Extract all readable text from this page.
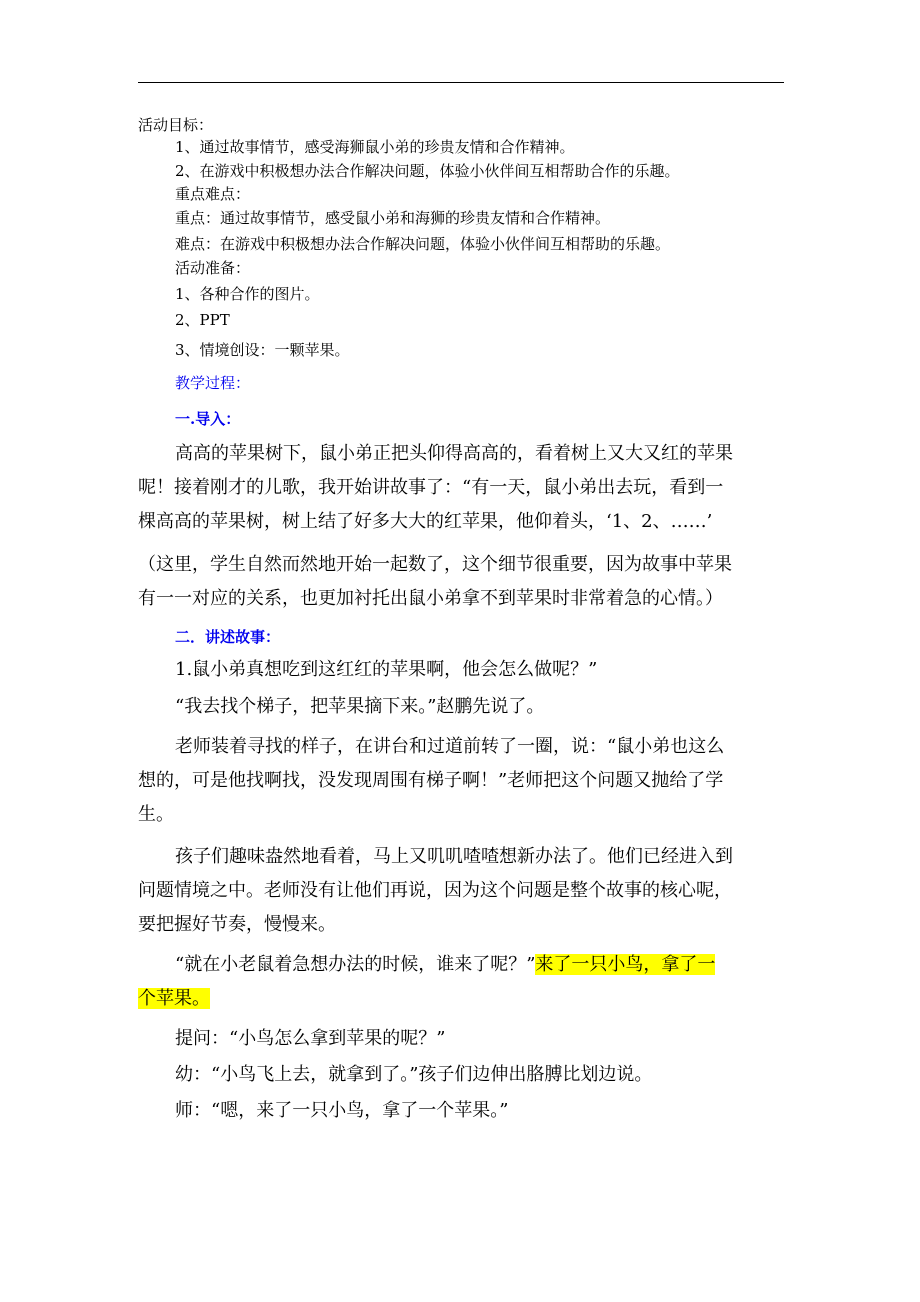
活动目标：

1、通过故事情节，感受海狮鼠小弟的珍贵友情和合作精神。

2、在游戏中积极想办法合作解决问题，体验小伙伴间互相帮助合作的乐趣。

重点难点：

重点：通过故事情节，感受鼠小弟和海狮的珍贵友情和合作精神。

难点：在游戏中积极想办法合作解决问题，体验小伙伴间互相帮助的乐趣。

活动准备：

1、各种合作的图片。

2、PPT

3、情境创设：一颗苹果。

教学过程：

一.导入：

高高的苹果树下，鼠小弟正把头仰得高高的，看着树上又大又红的苹果

呢！接着刚才的儿歌，我开始讲故事了：“有一天，鼠小弟出去玩，看到一

棵高高的苹果树，树上结了好多大大的红苹果，他仰着头，‘1、2、……’

（这里，学生自然而然地开始一起数了，这个细节很重要，因为故事中苹果

有一一对应的关系，也更加衬托出鼠小弟拿不到苹果时非常着急的心情。）

二．讲述故事：

1.鼠小弟真想吃到这红红的苹果啊，他会怎么做呢？”

“我去找个梯子，把苹果摘下来。”赵鹏先说了。

老师装着寻找的样子，在讲台和过道前转了一圈，说：“鼠小弟也这么

想的，可是他找啊找，没发现周围有梯子啊！”老师把这个问题又抛给了学

生。

孩子们趣味盎然地看着，马上又叽叽喳喳想新办法了。他们已经进入到

问题情境之中。老师没有让他们再说，因为这个问题是整个故事的核心呢，

要把握好节奏，慢慢来。

“就在小老鼠着急想办法的时候，谁来了呢？”来了一只小鸟，拿了一

个苹果。

提问：“小鸟怎么拿到苹果的呢？”

幼：“小鸟飞上去，就拿到了。”孩子们边伸出胳膊比划边说。

师：“嗯，来了一只小鸟，拿了一个苹果。”
